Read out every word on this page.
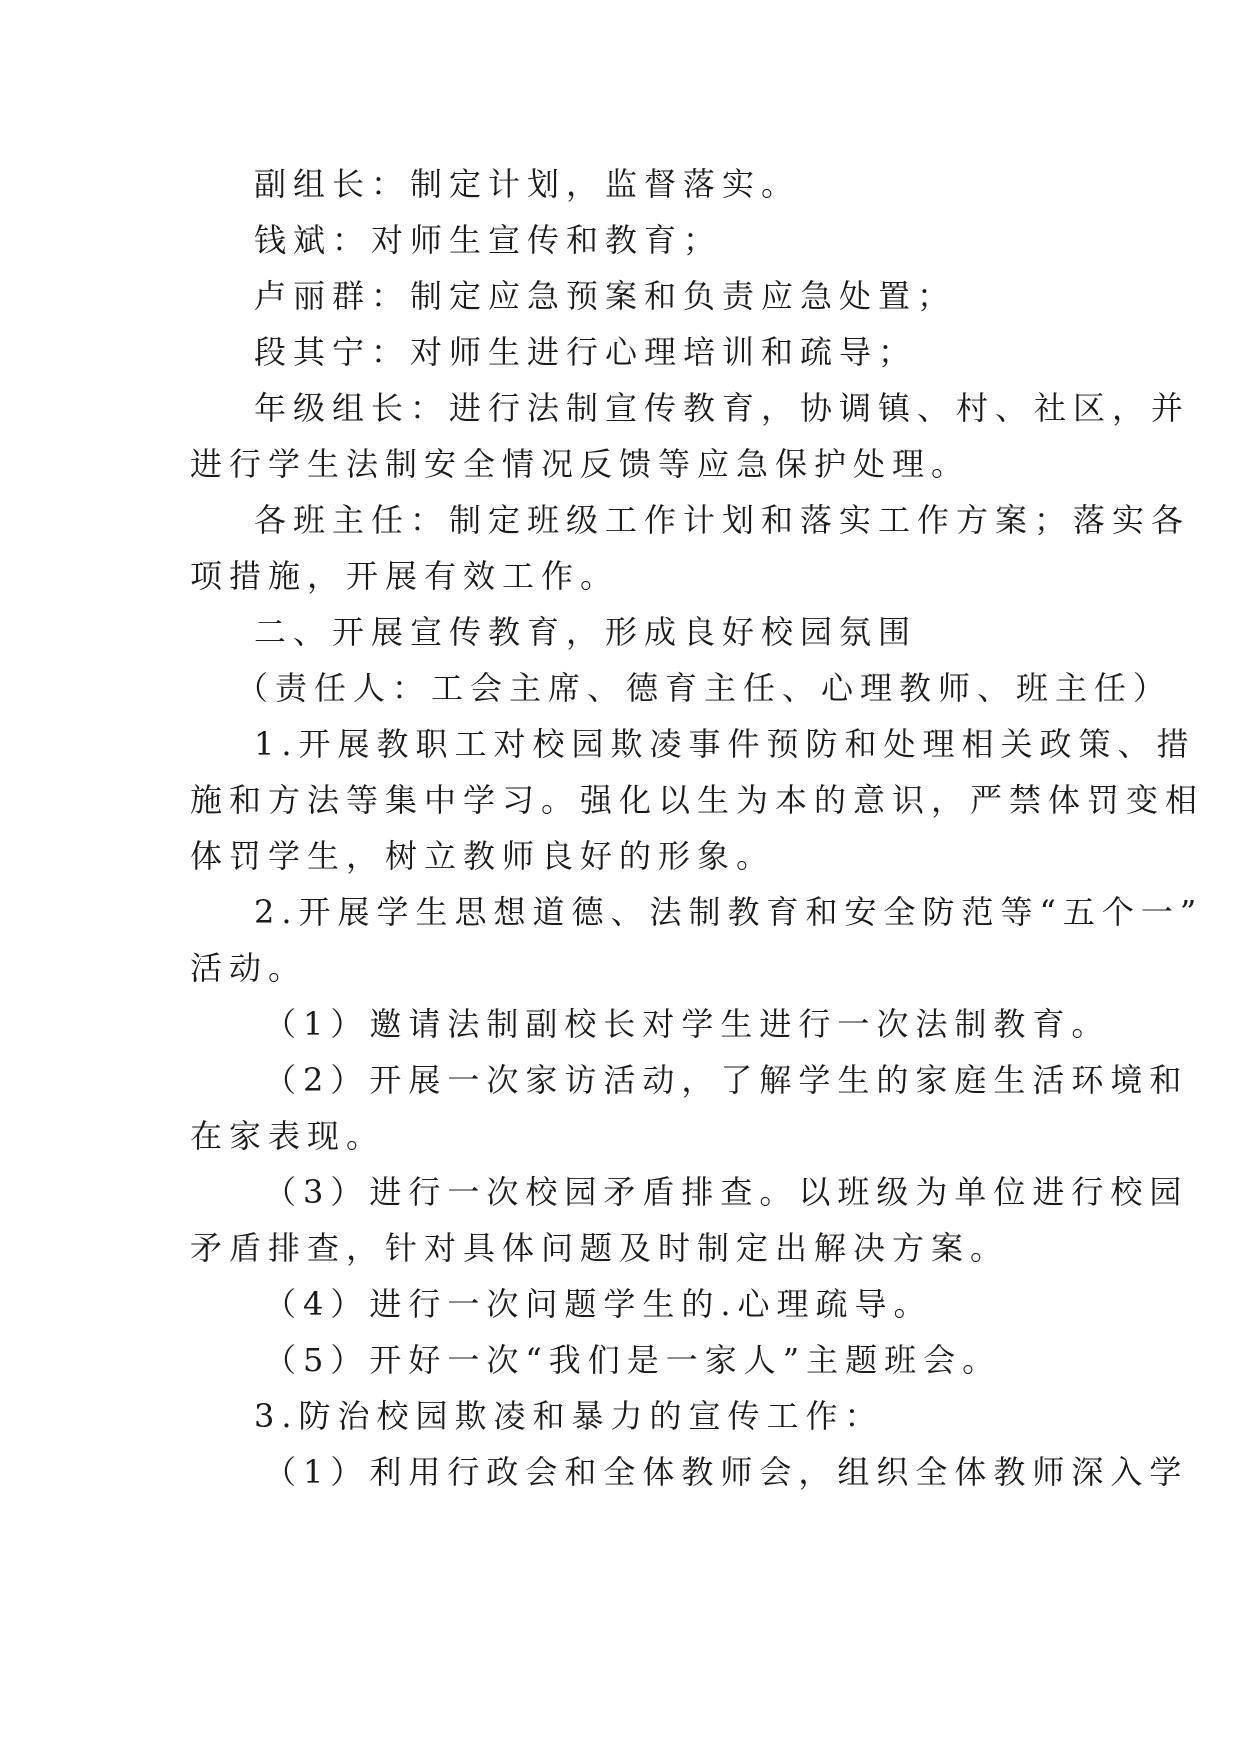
副组长：制定计划，监督落实。
钱斌：对师生宣传和教育；
卢丽群：制定应急预案和负责应急处置；
段其宁：对师生进行心理培训和疏导；
年级组长：进行法制宣传教育，协调镇、村、社区，并
进行学生法制安全情况反馈等应急保护处理。
各班主任：制定班级工作计划和落实工作方案；落实各
项措施，开展有效工作。
二、开展宣传教育，形成良好校园氛围
（责任人：工会主席、德育主任、心理教师、班主任）
1.开展教职工对校园欺凌事件预防和处理相关政策、措
施和方法等集中学习。强化以生为本的意识，严禁体罚变相
体罚学生，树立教师良好的形象。
2.开展学生思想道德、法制教育和安全防范等“五个一”
活动。
（1）邀请法制副校长对学生进行一次法制教育。
（2）开展一次家访活动，了解学生的家庭生活环境和
在家表现。
（3）进行一次校园矛盾排查。以班级为单位进行校园
矛盾排查，针对具体问题及时制定出解决方案。
（4）进行一次问题学生的.心理疏导。
（5）开好一次“我们是一家人”主题班会。
3.防治校园欺凌和暴力的宣传工作：
（1）利用行政会和全体教师会，组织全体教师深入学
